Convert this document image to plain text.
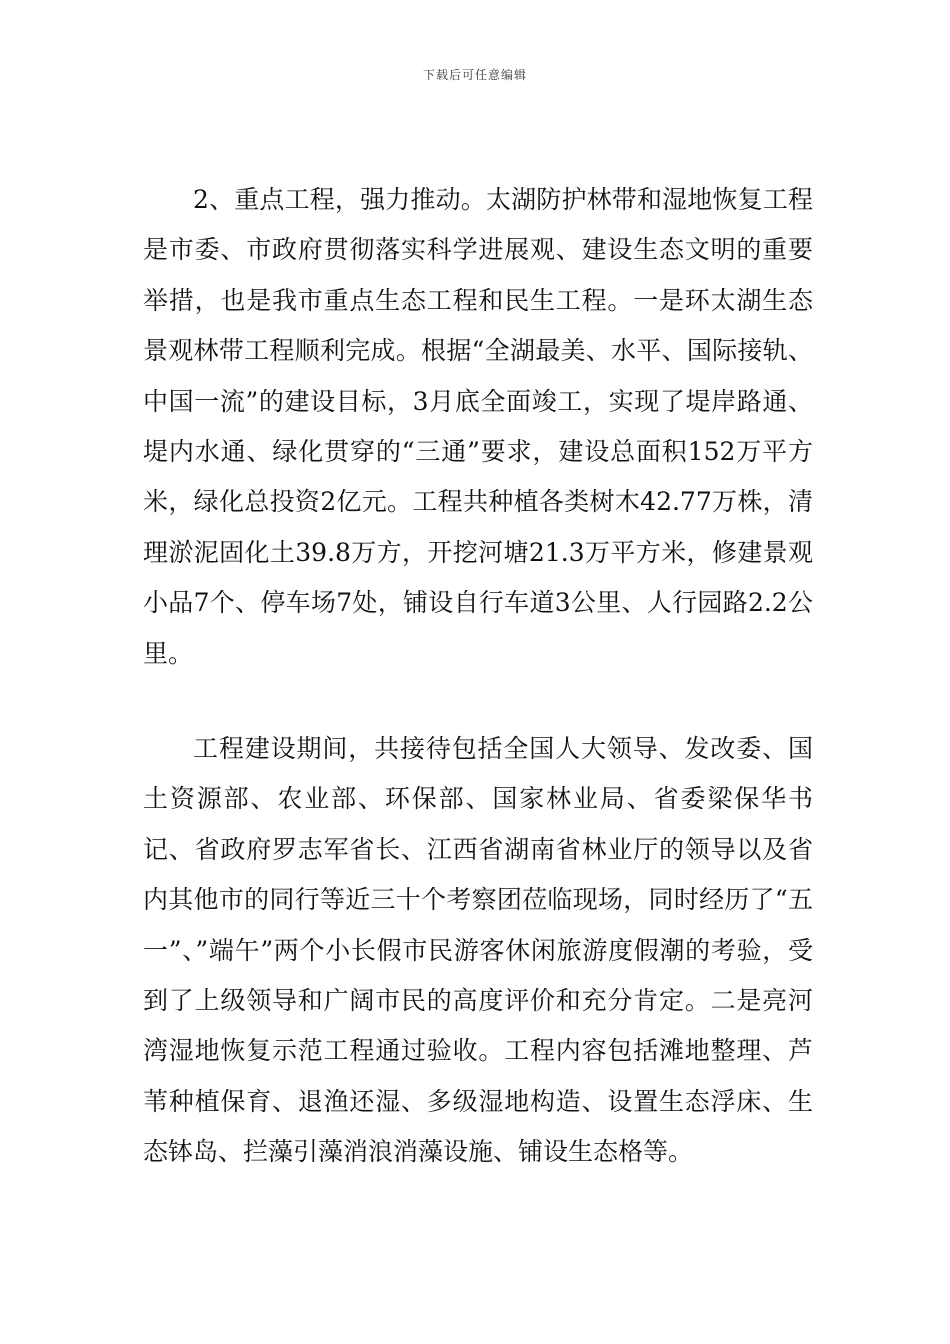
下载后可任意编辑

2、重点工程，强力推动。太湖防护林带和湿地恢复工程是市委、市政府贯彻落实科学进展观、建设生态文明的重要举措，也是我市重点生态工程和民生工程。一是环太湖生态景观林带工程顺利完成。根据“全湖最美、水平、国际接轨、中国一流”的建设目标，3月底全面竣工，实现了堤岸路通、堤内水通、绿化贯穿的“三通”要求，建设总面积152万平方米，绿化总投资2亿元。工程共种植各类树木42.77万株，清理淤泥固化土39.8万方，开挖河塘21.3万平方米，修建景观小品7个、停车场7处，铺设自行车道3公里、人行园路2.2公里。

工程建设期间，共接待包括全国人大领导、发改委、国土资源部、农业部、环保部、国家林业局、省委梁保华书记、省政府罗志军省长、江西省湖南省林业厅的领导以及省内其他市的同行等近三十个考察团莅临现场，同时经历了“五一”、”端午”两个小长假市民游客休闲旅游度假潮的考验，受到了上级领导和广阔市民的高度评价和充分肯定。二是亮河湾湿地恢复示范工程通过验收。工程内容包括滩地整理、芦苇种植保育、退渔还湿、多级湿地构造、设置生态浮床、生态钵岛、拦藻引藻消浪消藻设施、铺设生态格等。
